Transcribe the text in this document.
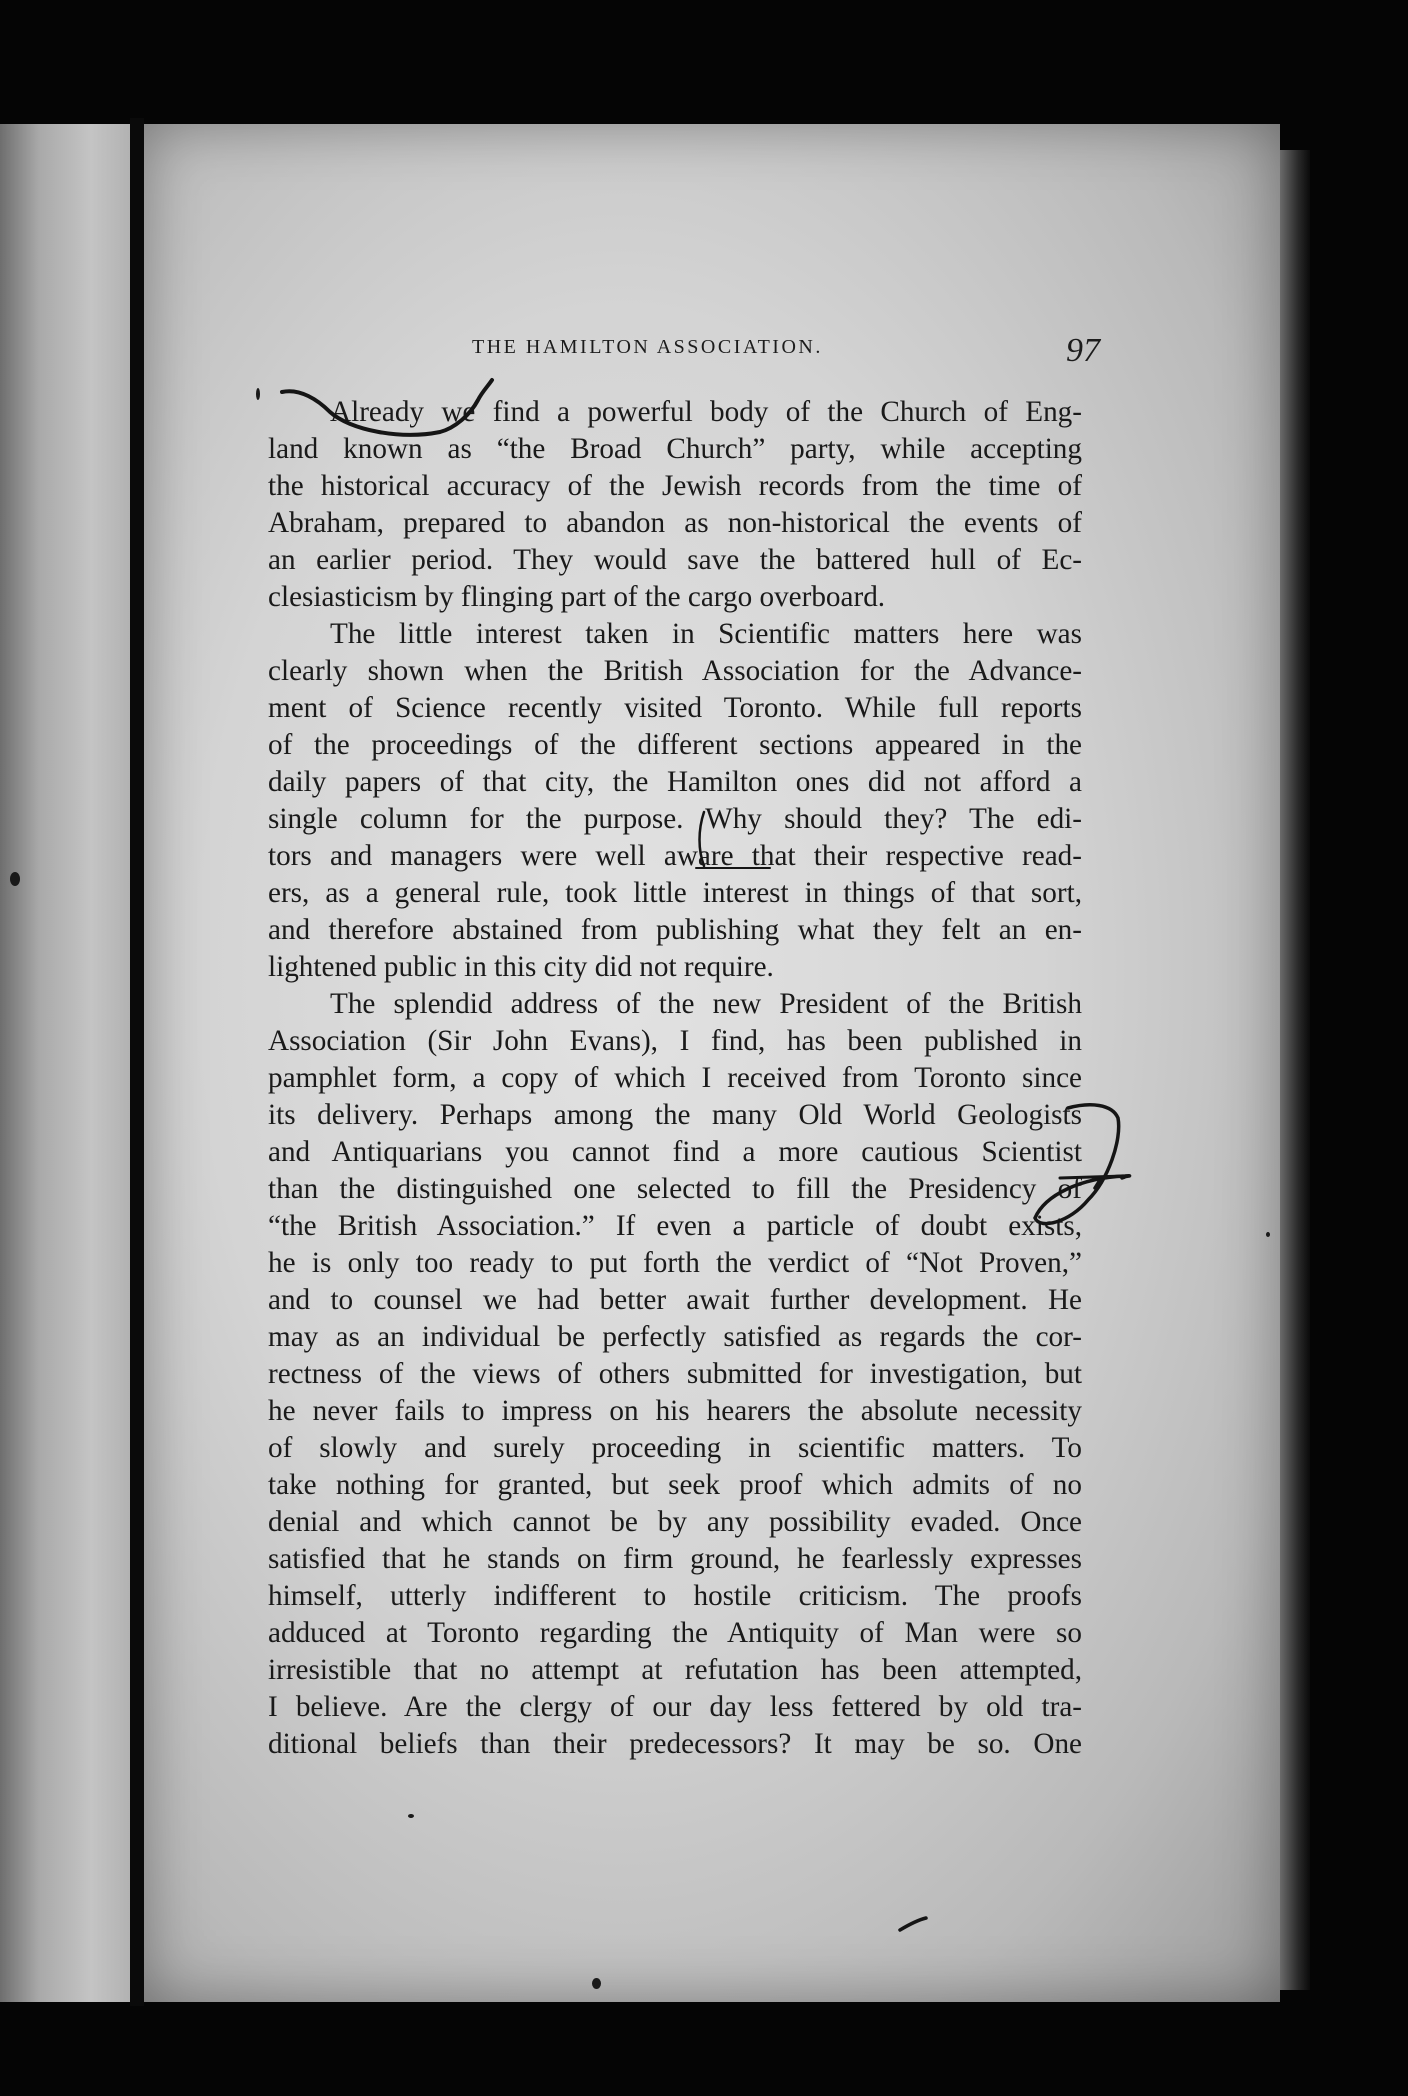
THE HAMILTON ASSOCIATION.	97
Already we find a powerful body of the Church of Eng-
land known as “the Broad Church” party, while accepting
the historical accuracy of the Jewish records from the time of
Abraham, prepared to abandon as non-historical the events of
an earlier period. They would save the battered hull of Ec-
clesiasticism by flinging part of the cargo overboard.
The little interest taken in Scientific matters here was
clearly shown when the British Association for the Advance-
ment of Science recently visited Toronto. While full reports
of the proceedings of the different sections appeared in the
daily papers of that city, the Hamilton ones did not afford a
single column for the purpose. Why should they? The edi-
tors and managers were well aware that their respective read-
ers, as a general rule, took little interest in things of that sort,
and therefore abstained from publishing what they felt an en-
lightened public in this city did not require.
The splendid address of the new President of the British
Association (Sir John Evans), I find, has been published in
pamphlet form, a copy of which I received from Toronto since
its delivery. Perhaps among the many Old World Geologists
and Antiquarians you cannot find a more cautious Scientist
than the distinguished one selected to fill the Presidency of
“the British Association.” If even a particle of doubt exists,
he is only too ready to put forth the verdict of “Not Proven,”
and to counsel we had better await further development. He
may as an individual be perfectly satisfied as regards the cor-
rectness of the views of others submitted for investigation, but
he never fails to impress on his hearers the absolute necessity
of slowly and surely proceeding in scientific matters. To
take nothing for granted, but seek proof which admits of no
denial and which cannot be by any possibility evaded. Once
satisfied that he stands on firm ground, he fearlessly expresses
himself, utterly indifferent to hostile criticism. The proofs
adduced at Toronto regarding the Antiquity of Man were so
irresistible that no attempt at refutation has been attempted,
I believe. Are the clergy of our day less fettered by old tra-
ditional beliefs than their predecessors? It may be so. One
